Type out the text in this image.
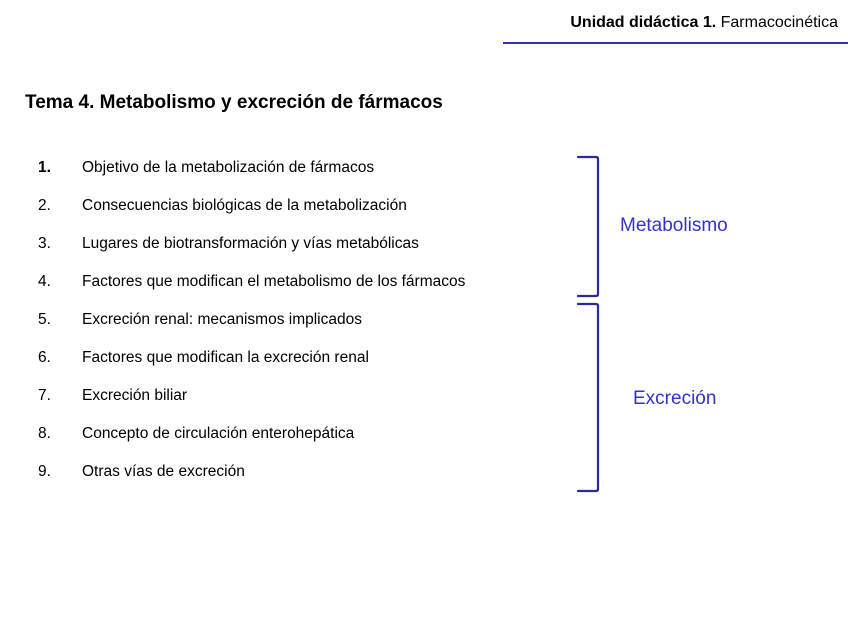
Unidad didáctica 1. Farmacocinética
Tema 4. Metabolismo y excreción de fármacos
1.	Objetivo de la metabolización de fármacos
2.	Consecuencias biológicas de la metabolización
3.	Lugares de biotransformación y vías metabólicas
4.	Factores que modifican el metabolismo de los fármacos
5.	Excreción renal: mecanismos implicados
6.	Factores que modifican la excreción renal
7.	Excreción biliar
8.	Concepto de circulación enterohepática
9.	Otras vías de excreción
Metabolismo
Excreción
